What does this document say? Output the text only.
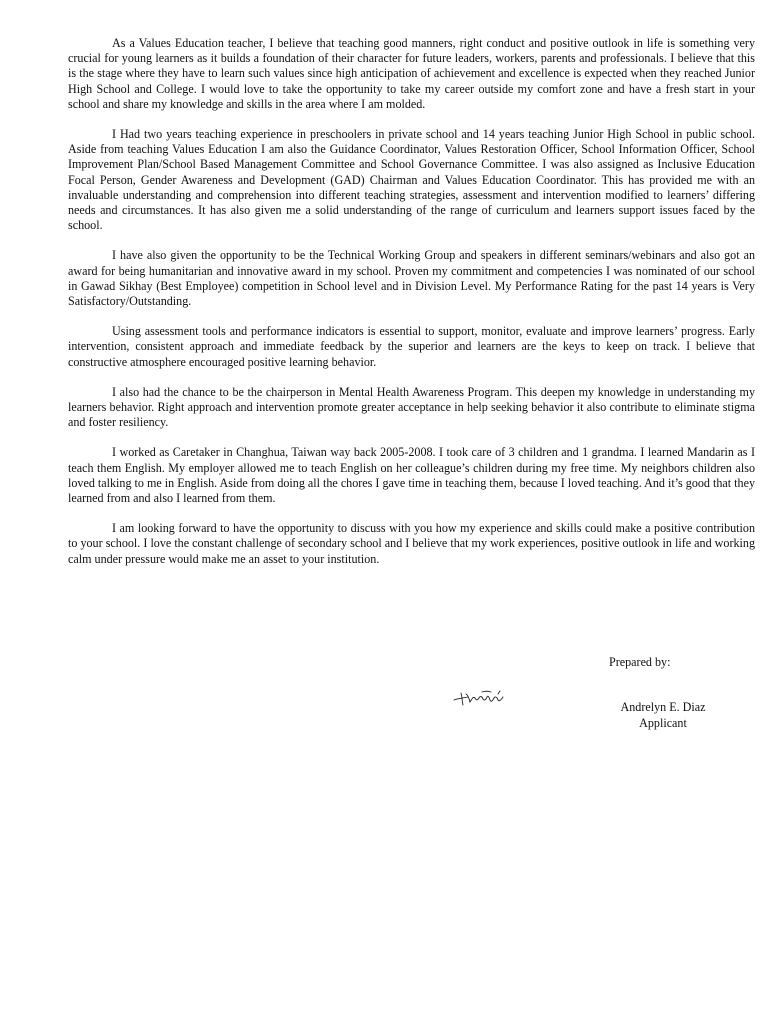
As a Values Education teacher, I believe that teaching good manners, right conduct and positive outlook in life is something very crucial for young learners as it builds a foundation of their character for future leaders, workers, parents and professionals. I believe that this is the stage where they have to learn such values since high anticipation of achievement and excellence is expected when they reached Junior High School and College. I would love to take the opportunity to take my career outside my comfort zone and have a fresh start in your school and share my knowledge and skills in the area where I am molded.

I Had two years teaching experience in preschoolers in private school and 14 years teaching Junior High School in public school. Aside from teaching Values Education I am also the Guidance Coordinator, Values Restoration Officer, School Information Officer, School Improvement Plan/School Based Management Committee and School Governance Committee. I was also assigned as Inclusive Education Focal Person, Gender Awareness and Development (GAD) Chairman and Values Education Coordinator. This has provided me with an invaluable understanding and comprehension into different teaching strategies, assessment and intervention modified to learners’ differing needs and circumstances. It has also given me a solid understanding of the range of curriculum and learners support issues faced by the school.

I have also given the opportunity to be the Technical Working Group and speakers in different seminars/webinars and also got an award for being humanitarian and innovative award in my school. Proven my commitment and competencies I was nominated of our school in Gawad Sikhay (Best Employee) competition in School level and in Division Level. My Performance Rating for the past 14 years is Very Satisfactory/Outstanding.

Using assessment tools and performance indicators is essential to support, monitor, evaluate and improve learners’ progress. Early intervention, consistent approach and immediate feedback by the superior and learners are the keys to keep on track. I believe that constructive atmosphere encouraged positive learning behavior.

I also had the chance to be the chairperson in Mental Health Awareness Program. This deepen my knowledge in understanding my learners behavior. Right approach and intervention promote greater acceptance in help seeking behavior it also contribute to eliminate stigma and foster resiliency.

I worked as Caretaker in Changhua, Taiwan way back 2005-2008. I took care of 3 children and 1 grandma. I learned Mandarin as I teach them English. My employer allowed me to teach English on her colleague’s children during my free time. My neighbors children also loved talking to me in English. Aside from doing all the chores I gave time in teaching them, because I loved teaching. And it’s good that they learned from and also I learned from them.

I am looking forward to have the opportunity to discuss with you how my experience and skills could make a positive contribution to your school. I love the constant challenge of secondary school and I believe that my work experiences, positive outlook in life and working calm under pressure would make me an asset to your institution.

Prepared by:
Andrelyn E. Diaz
Applicant
